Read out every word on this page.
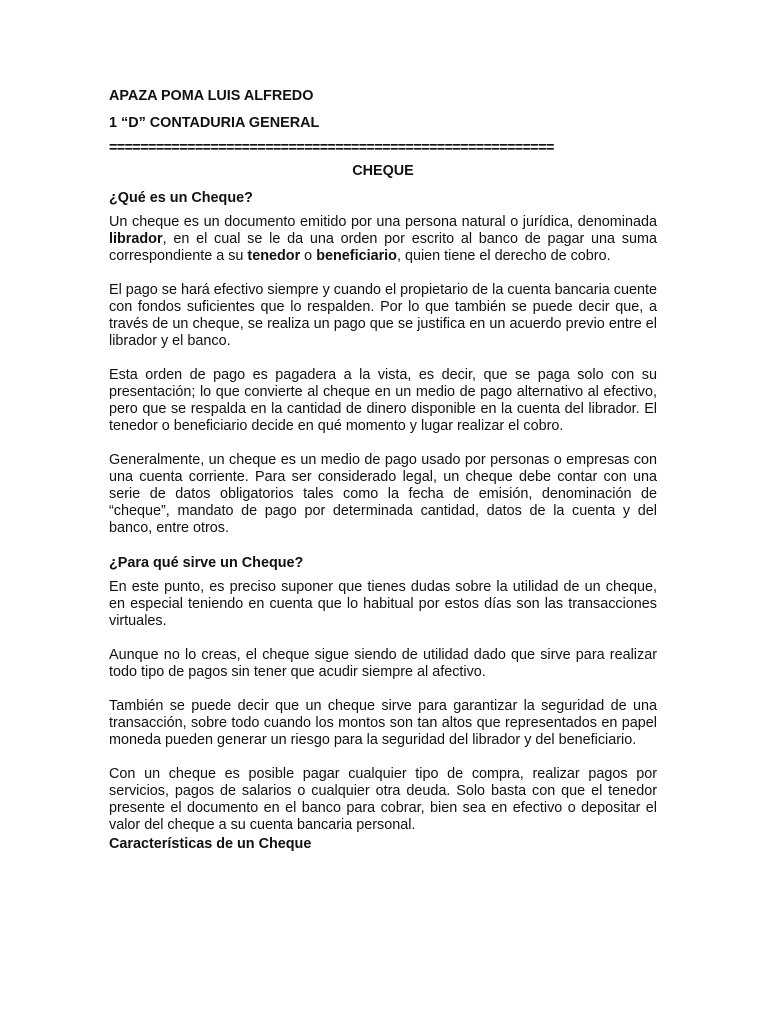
APAZA POMA LUIS ALFREDO
1 “D” CONTADURIA GENERAL
=========================================================
CHEQUE
¿Qué es un Cheque?

Un cheque es un documento emitido por una persona natural o jurídica, denominada librador, en el cual se le da una orden por escrito al banco de pagar una suma correspondiente a su tenedor o beneficiario, quien tiene el derecho de cobro.

El pago se hará efectivo siempre y cuando el propietario de la cuenta bancaria cuente con fondos suficientes que lo respalden. Por lo que también se puede decir que, a través de un cheque, se realiza un pago que se justifica en un acuerdo previo entre el librador y el banco.

Esta orden de pago es pagadera a la vista, es decir, que se paga solo con su presentación; lo que convierte al cheque en un medio de pago alternativo al efectivo, pero que se respalda en la cantidad de dinero disponible en la cuenta del librador. El tenedor o beneficiario decide en qué momento y lugar realizar el cobro.

Generalmente, un cheque es un medio de pago usado por personas o empresas con una cuenta corriente. Para ser considerado legal, un cheque debe contar con una serie de datos obligatorios tales como la fecha de emisión, denominación de “cheque”, mandato de pago por determinada cantidad, datos de la cuenta y del banco, entre otros.

¿Para qué sirve un Cheque?

En este punto, es preciso suponer que tienes dudas sobre la utilidad de un cheque, en especial teniendo en cuenta que lo habitual por estos días son las transacciones virtuales.

Aunque no lo creas, el cheque sigue siendo de utilidad dado que sirve para realizar todo tipo de pagos sin tener que acudir siempre al afectivo.

También se puede decir que un cheque sirve para garantizar la seguridad de una transacción, sobre todo cuando los montos son tan altos que representados en papel moneda pueden generar un riesgo para la seguridad del librador y del beneficiario.

Con un cheque es posible pagar cualquier tipo de compra, realizar pagos por servicios, pagos de salarios o cualquier otra deuda. Solo basta con que el tenedor presente el documento en el banco para cobrar, bien sea en efectivo o depositar el valor del cheque a su cuenta bancaria personal.

Características de un Cheque
